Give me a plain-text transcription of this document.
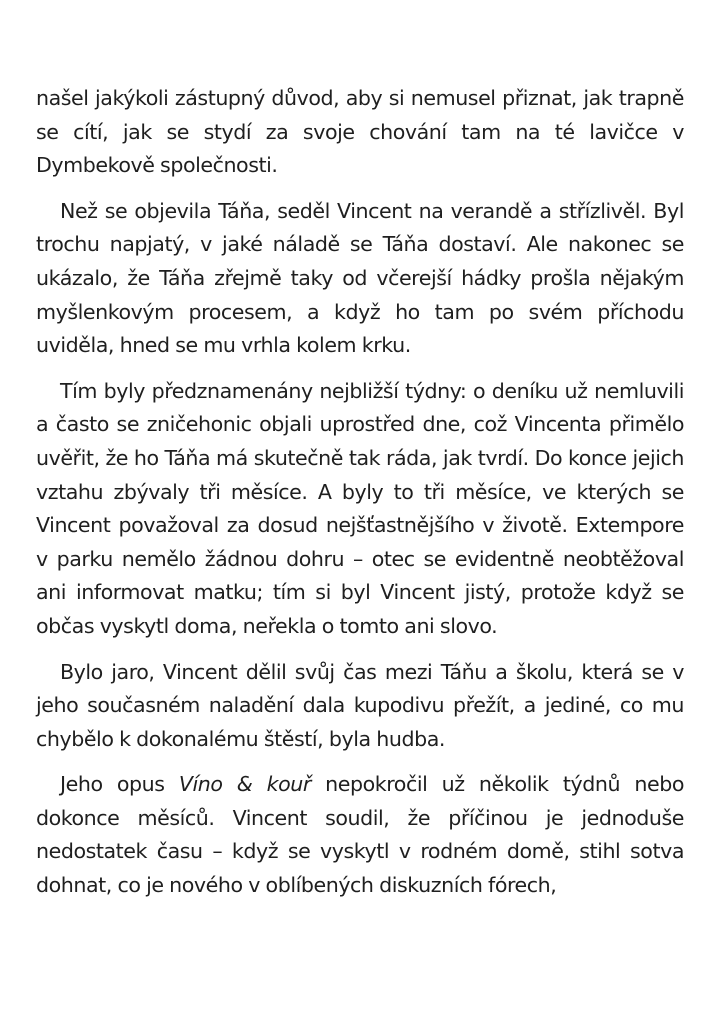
našel jakýkoli zástupný důvod, aby si nemusel přiznat, jak trapně se cítí, jak se stydí za svoje chování tam na té lavičce v Dymbekově společnosti.

Než se objevila Táňa, seděl Vincent na verandě a střízlivěl. Byl trochu napjatý, v jaké náladě se Táňa dostaví. Ale nakonec se ukázalo, že Táňa zřejmě taky od včerejší hádky prošla nějakým myšlenkovým procesem, a když ho tam po svém příchodu uviděla, hned se mu vrhla kolem krku.

Tím byly předznamenány nejbližší týdny: o deníku už nemluvili a často se zničehonic objali uprostřed dne, což Vincenta přimělo uvěřit, že ho Táňa má skutečně tak ráda, jak tvrdí. Do konce jejich vztahu zbývaly tři měsíce. A byly to tři měsíce, ve kterých se Vincent považoval za dosud nejšťastnějšího v životě. Extempore v parku nemělo žádnou dohru – otec se evidentně neobtěžoval ani informovat matku; tím si byl Vincent jistý, protože když se občas vyskytl doma, neřekla o tomto ani slovo.

Bylo jaro, Vincent dělil svůj čas mezi Táňu a školu, která se v jeho současném naladění dala kupodivu přežít, a jediné, co mu chybělo k dokonalému štěstí, byla hudba.

Jeho opus Víno & kouř nepokročil už několik týdnů nebo dokonce měsíců. Vincent soudil, že příčinou je jednoduše nedostatek času – když se vyskytl v rodném domě, stihl sotva dohnat, co je nového v oblíbených diskuzních fórech,
